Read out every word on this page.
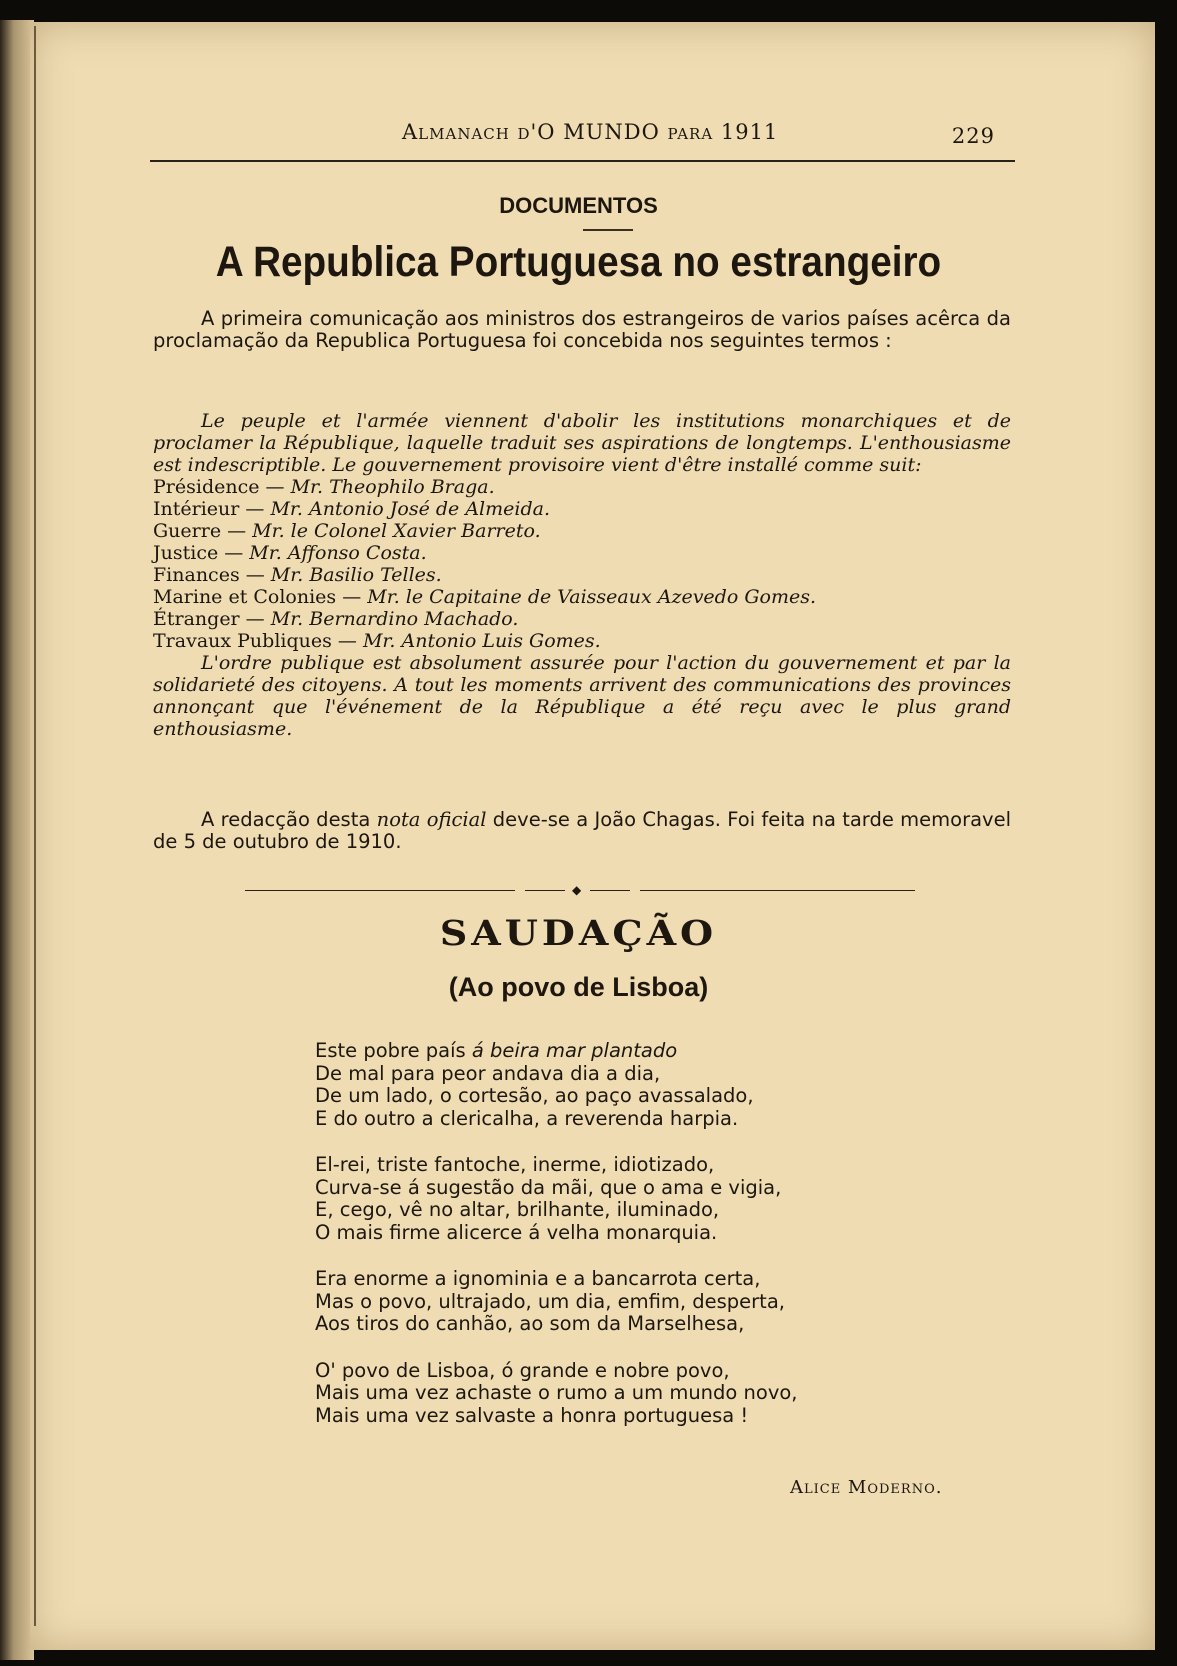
Almanach d'O MUNDO para 1911	229
DOCUMENTOS
A Republica Portuguesa no estrangeiro
A primeira comunicação aos ministros dos estrangeiros de varios países acêrca da proclamação da Republica Portuguesa foi concebida nos seguintes termos :

Le peuple et l'armée viennent d'abolir les institutions monarchiques et de proclamer la République, laquelle traduit ses aspirations de longtemps. L'enthousiasme est indescriptible. Le gouvernement provisoire vient d'être installé comme suit:

Présidence — Mr. Theophilo Braga.

Intérieur — Mr. Antonio José de Almeida.

Guerre — Mr. le Colonel Xavier Barreto.

Justice — Mr. Affonso Costa.

Finances — Mr. Basilio Telles.

Marine et Colonies — Mr. le Capitaine de Vaisseaux Azevedo Gomes.

Étranger — Mr. Bernardino Machado.

Travaux Publiques — Mr. Antonio Luis Gomes.

L'ordre publique est absolument assurée pour l'action du gouvernement et par la solidarieté des citoyens. A tout les moments arrivent des communications des provinces annonçant que l'événement de la République a été reçu avec le plus grand enthousiasme.

A redacção desta nota oficial deve-se a João Chagas. Foi feita na tarde memoravel de 5 de outubro de 1910.
◆
SAUDAÇÃO
(Ao povo de Lisboa)
Este pobre país á beira mar plantado
De mal para peor andava dia a dia,
De um lado, o cortesão, ao paço avassalado,
E do outro a clericalha, a reverenda harpia.
El-rei, triste fantoche, inerme, idiotizado,
Curva-se á sugestão da mãi, que o ama e vigia,
E, cego, vê no altar, brilhante, iluminado,
O mais firme alicerce á velha monarquia.
Era enorme a ignominia e a bancarrota certa,
Mas o povo, ultrajado, um dia, emfim, desperta,
Aos tiros do canhão, ao som da Marselhesa,
O' povo de Lisboa, ó grande e nobre povo,
Mais uma vez achaste o rumo a um mundo novo,
Mais uma vez salvaste a honra portuguesa !
Alice Moderno.
